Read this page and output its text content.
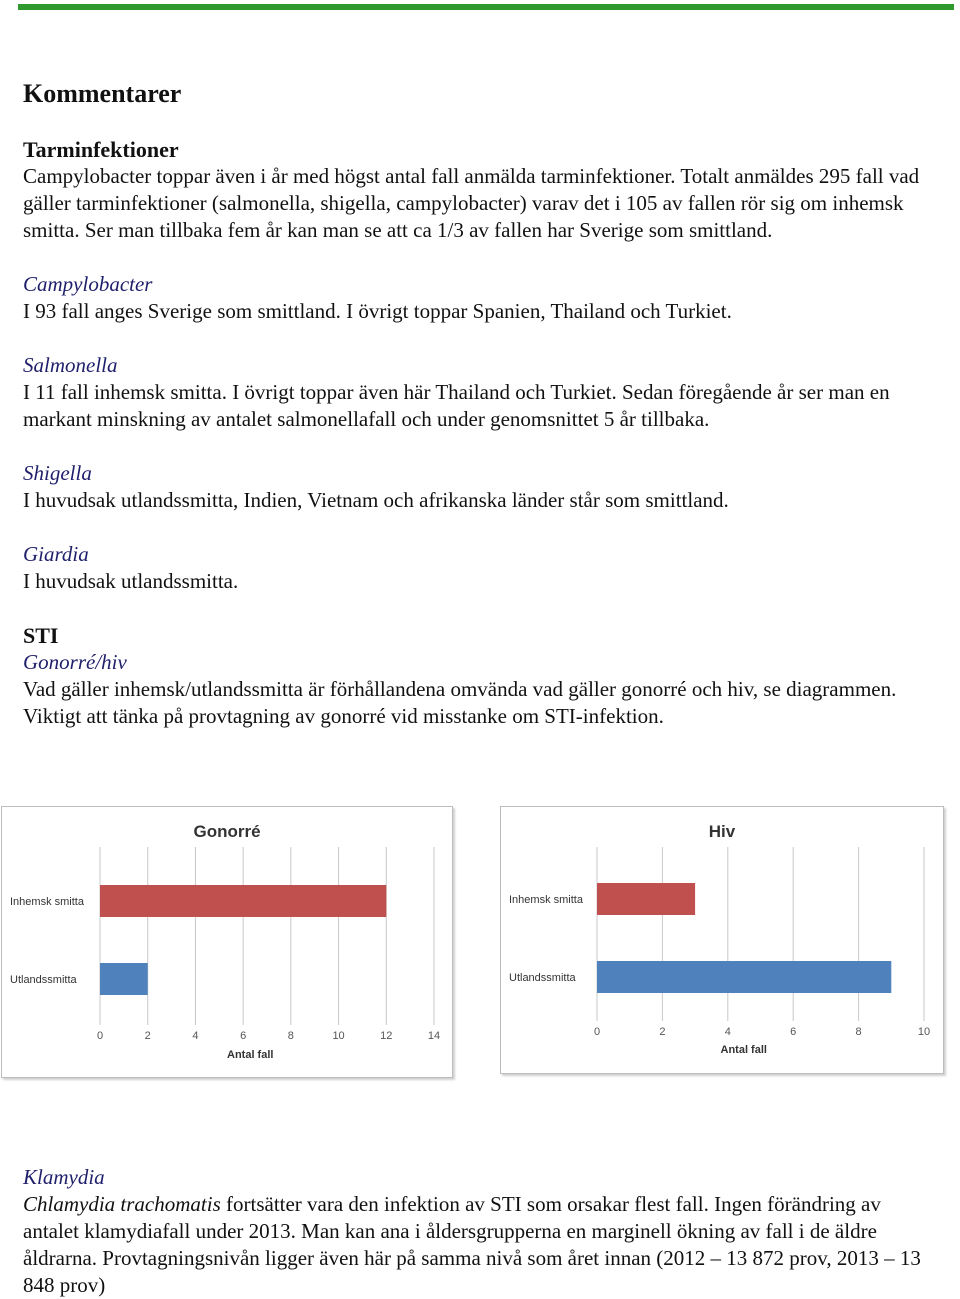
Kommentarer
Tarminfektioner

Campylobacter toppar även i år med högst antal fall anmälda tarminfektioner. Totalt anmäldes 295 fall vad gäller tarminfektioner (salmonella, shigella, campylobacter) varav det i 105 av fallen rör sig om inhemsk smitta. Ser man tillbaka fem år kan man se att ca 1/3 av fallen har Sverige som smittland.

Campylobacter

I 93 fall anges Sverige som smittland. I övrigt toppar Spanien, Thailand och Turkiet.

Salmonella

I 11 fall inhemsk smitta. I övrigt toppar även här Thailand och Turkiet. Sedan föregående år ser man en markant minskning av antalet salmonellafall och under genomsnittet 5 år tillbaka.

Shigella

I huvudsak utlandssmitta, Indien, Vietnam och afrikanska länder står som smittland.

Giardia

I huvudsak utlandssmitta.

STI
Gonorré/hiv

Vad gäller inhemsk/utlandssmitta är förhållandena omvända vad gäller gonorré och hiv, se diagrammen. Viktigt att tänka på provtagning av gonorré vid misstanke om STI-infektion.

Gonorré
0	2	4	6	8	10	12	14
Inhemsk smitta
Utlandssmitta
Antal fall
Hiv
0	2	4	6	8	10
Inhemsk smitta
Utlandssmitta
Antal fall
Klamydia

Chlamydia trachomatis fortsätter vara den infektion av STI som orsakar flest fall. Ingen förändring av antalet klamydiafall under 2013. Man kan ana i åldersgrupperna en marginell ökning av fall i de äldre åldrarna. Provtagningsnivån ligger även här på samma nivå som året innan (2012 – 13 872 prov, 2013 – 13 848 prov)
